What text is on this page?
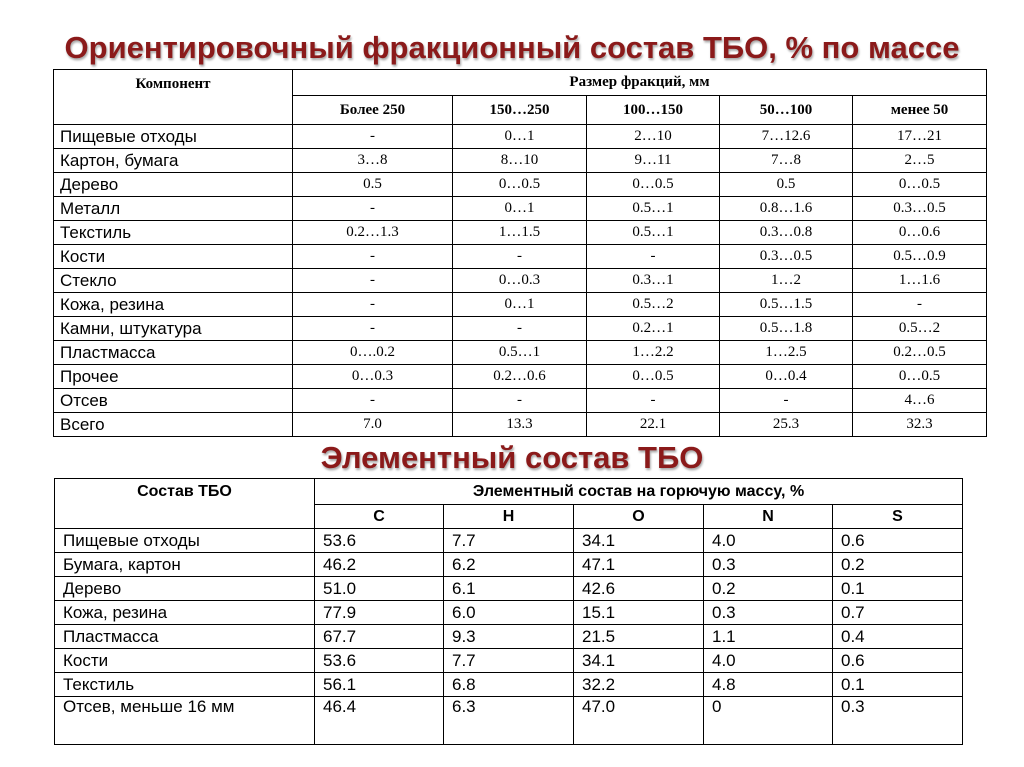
Ориентировочный фракционный состав ТБО, % по массе
Компонент	Размер фракций, мм				
	Более 250	150…250	100…150	50…100	менее 50
Пищевые отходы	-	0…1	2…10	7…12.6	17…21
Картон, бумага	3…8	8…10	9…11	7…8	2…5
Дерево	0.5	0…0.5	0…0.5	0.5	0…0.5
Металл	-	0…1	0.5…1	0.8…1.6	0.3…0.5
Текстиль	0.2…1.3	1…1.5	0.5…1	0.3…0.8	0…0.6
Кости	-	-	-	0.3…0.5	0.5…0.9
Стекло	-	0…0.3	0.3…1	1…2	1…1.6
Кожа, резина	-	0…1	0.5…2	0.5…1.5	-
Камни, штукатура	-	-	0.2…1	0.5…1.8	0.5…2
Пластмасса	0….0.2	0.5…1	1…2.2	1…2.5	0.2…0.5
Прочее	0…0.3	0.2…0.6	0…0.5	0…0.4	0…0.5
Отсев	-	-	-	-	4…6
Всего	7.0	13.3	22.1	25.3	32.3
Элементный состав ТБО
Состав ТБО	Элементный состав на горючую массу, %				
	C	H	O	N	S
Пищевые отходы	53.6	7.7	34.1	4.0	0.6
Бумага, картон	46.2	6.2	47.1	0.3	0.2
Дерево	51.0	6.1	42.6	0.2	0.1
Кожа, резина	77.9	6.0	15.1	0.3	0.7
Пластмасса	67.7	9.3	21.5	1.1	0.4
Кости	53.6	7.7	34.1	4.0	0.6
Текстиль	56.1	6.8	32.2	4.8	0.1
Отсев, меньше 16 мм	46.4	6.3	47.0	0	0.3
